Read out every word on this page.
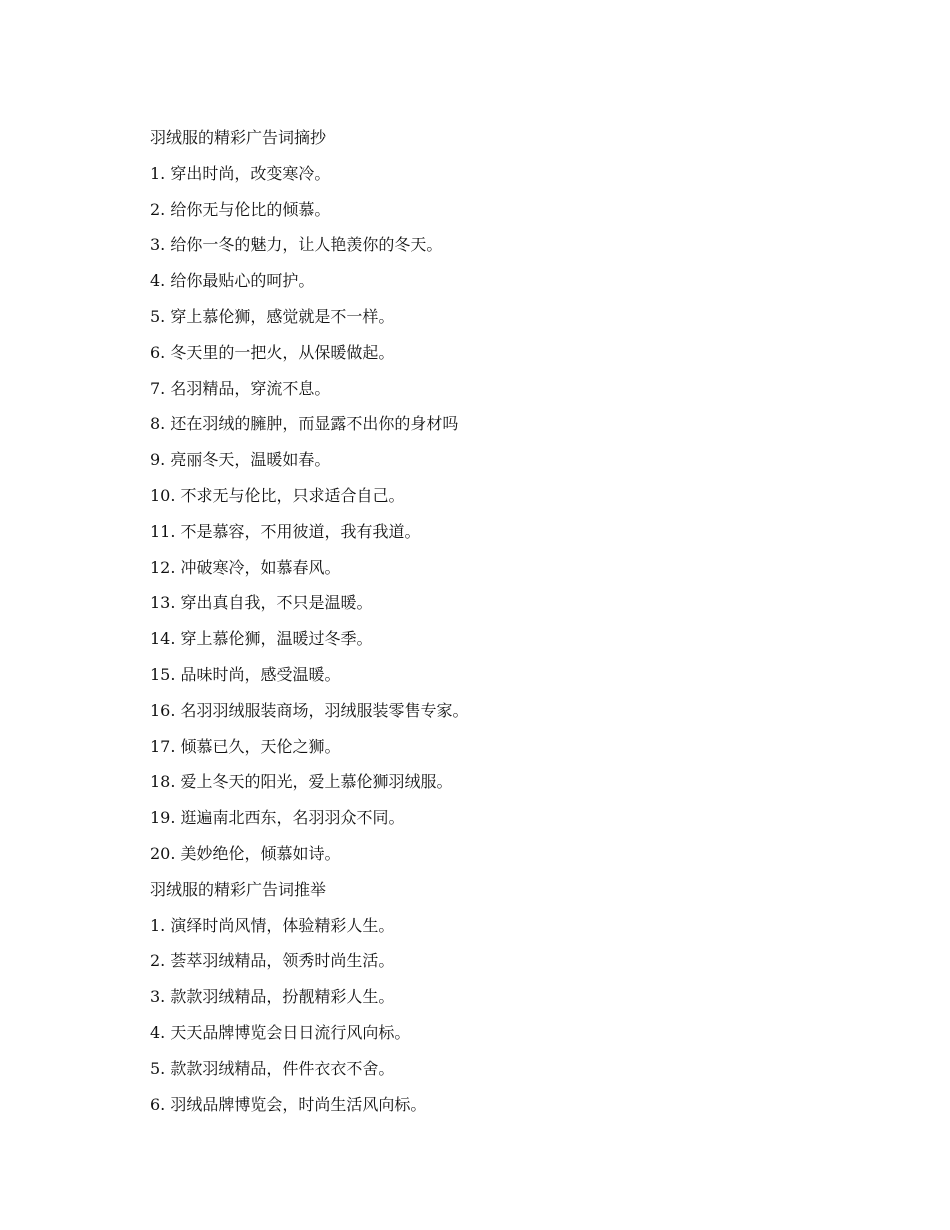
羽绒服的精彩广告词摘抄
1. 穿出时尚，改变寒冷。
2. 给你无与伦比的倾慕。
3. 给你一冬的魅力，让人艳羡你的冬天。
4. 给你最贴心的呵护。
5. 穿上慕伦狮，感觉就是不一样。
6. 冬天里的一把火，从保暖做起。
7. 名羽精品，穿流不息。
8. 还在羽绒的臃肿，而显露不出你的身材吗
9. 亮丽冬天，温暖如春。
10. 不求无与伦比，只求适合自己。
11. 不是慕容，不用彼道，我有我道。
12. 冲破寒冷，如慕春风。
13. 穿出真自我，不只是温暖。
14. 穿上慕伦狮，温暖过冬季。
15. 品味时尚，感受温暖。
16. 名羽羽绒服装商场，羽绒服装零售专家。
17. 倾慕已久，天伦之狮。
18. 爱上冬天的阳光，爱上慕伦狮羽绒服。
19. 逛遍南北西东，名羽羽众不同。
20. 美妙绝伦，倾慕如诗。
羽绒服的精彩广告词推举
1. 演绎时尚风情，体验精彩人生。
2. 荟萃羽绒精品，领秀时尚生活。
3. 款款羽绒精品，扮靓精彩人生。
4. 天天品牌博览会日日流行风向标。
5. 款款羽绒精品，件件衣衣不舍。
6. 羽绒品牌博览会，时尚生活风向标。
